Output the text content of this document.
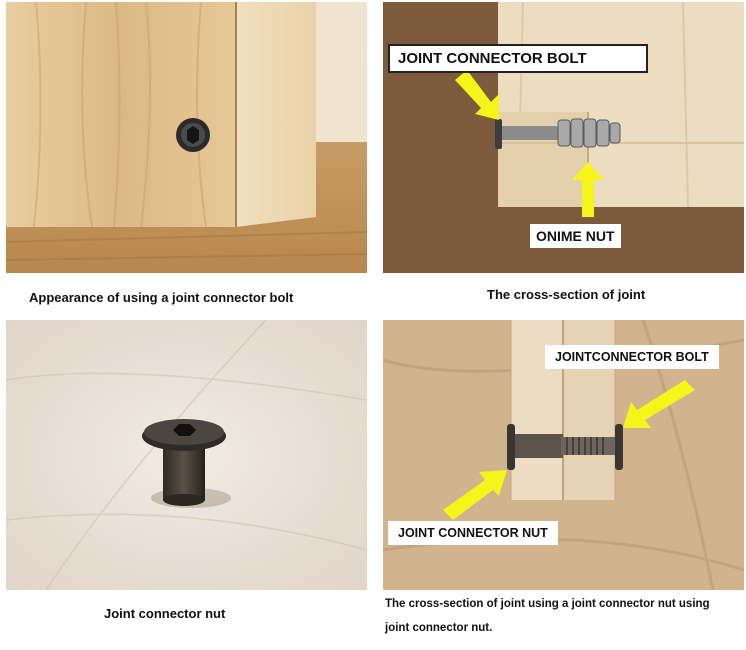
Appearance of using a joint connector bolt
JOINT CONNECTOR BOLT
ONIME NUT
The cross-section of joint
Joint connector nut
JOINTCONNECTOR BOLT
JOINT CONNECTOR NUT
The cross-section of joint using a joint connector nut using
joint connector nut.
